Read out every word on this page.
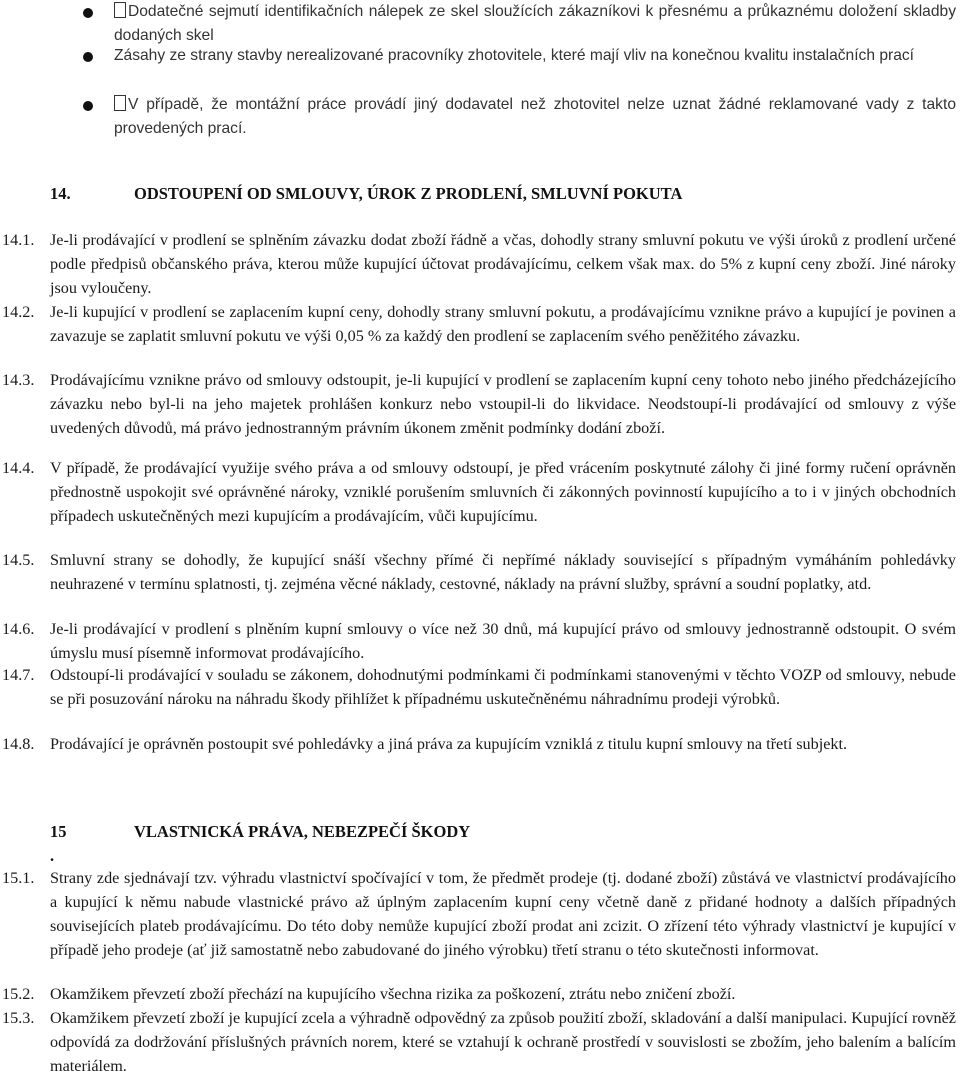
Dodatečné sejmutí identifikačních nálepek ze skel sloužících zákazníkovi k přesnému a průkaznému doložení skladby dodaných skel
Zásahy ze strany stavby nerealizované pracovníky zhotovitele, které mají vliv na konečnou kvalitu instalačních prací
V případě, že montážní práce provádí jiný dodavatel než zhotovitel nelze uznat žádné reklamované vady z takto provedených prací.
14.	ODSTOUPENÍ OD SMLOUVY, ÚROK Z PRODLENÍ, SMLUVNÍ POKUTA
14.1. Je-li prodávající v prodlení se splněním závazku dodat zboží řádně a včas, dohodly strany smluvní pokutu ve výši úroků z prodlení určené podle předpisů občanského práva, kterou může kupující účtovat prodávajícímu, celkem však max. do 5% z kupní ceny zboží. Jiné nároky jsou vyloučeny.
14.2. Je-li kupující v prodlení se zaplacením kupní ceny, dohodly strany smluvní pokutu, a prodávajícímu vznikne právo a kupující je povinen a zavazuje se zaplatit smluvní pokutu ve výši 0,05 % za každý den prodlení se zaplacením svého peněžitého závazku.
14.3. Prodávajícímu vznikne právo od smlouvy odstoupit, je-li kupující v prodlení se zaplacením kupní ceny tohoto nebo jiného předcházejícího závazku nebo byl-li na jeho majetek prohlášen konkurz nebo vstoupil-li do likvidace. Neodstoupí-li prodávající od smlouvy z výše uvedených důvodů, má právo jednostranným právním úkonem změnit podmínky dodání zboží.
14.4. V případě, že prodávající využije svého práva a od smlouvy odstoupí, je před vrácením poskytnuté zálohy či jiné formy ručení oprávněn přednostně uspokojit své oprávněné nároky, vzniklé porušením smluvních či zákonných povinností kupujícího a to i v jiných obchodních případech uskutečněných mezi kupujícím a prodávajícím, vůči kupujícímu.
14.5. Smluvní strany se dohodly, že kupující snáší všechny přímé či nepřímé náklady související s případným vymáháním pohledávky neuhrazené v termínu splatnosti, tj. zejména věcné náklady, cestovné, náklady na právní služby, správní a soudní poplatky, atd.
14.6. Je-li prodávající v prodlení s plněním kupní smlouvy o více než 30 dnů, má kupující právo od smlouvy jednostranně odstoupit. O svém úmyslu musí písemně informovat prodávajícího.
14.7. Odstoupí-li prodávající v souladu se zákonem, dohodnutými podmínkami či podmínkami stanovenými v těchto VOZP od smlouvy, nebude se při posuzování nároku na náhradu škody přihlížet k případnému uskutečněnému náhradnímu prodeji výrobků.
14.8. Prodávající je oprávněn postoupit své pohledávky a jiná práva za kupujícím vzniklá z titulu kupní smlouvy na třetí subjekt.
15 .
VLASTNICKÁ PRÁVA, NEBEZPEČÍ ŠKODY
15.1. Strany zde sjednávají tzv. výhradu vlastnictví spočívající v tom, že předmět prodeje (tj. dodané zboží) zůstává ve vlastnictví prodávajícího a kupující k němu nabude vlastnické právo až úplným zaplacením kupní ceny včetně daně z přidané hodnoty a dalších případných souvisejících plateb prodávajícímu. Do této doby nemůže kupující zboží prodat ani zcizit. O zřízení této výhrady vlastnictví je kupující v případě jeho prodeje (ať již samostatně nebo zabudované do jiného výrobku) třetí stranu o této skutečnosti informovat.
15.2. Okamžikem převzetí zboží přechází na kupujícího všechna rizika za poškození, ztrátu nebo zničení zboží.
15.3. Okamžikem převzetí zboží je kupující zcela a výhradně odpovědný za způsob použití zboží, skladování a další manipulaci. Kupující rovněž odpovídá za dodržování příslušných právních norem, které se vztahují k ochraně prostředí v souvislosti se zbožím, jeho balením a balícím materiálem.
